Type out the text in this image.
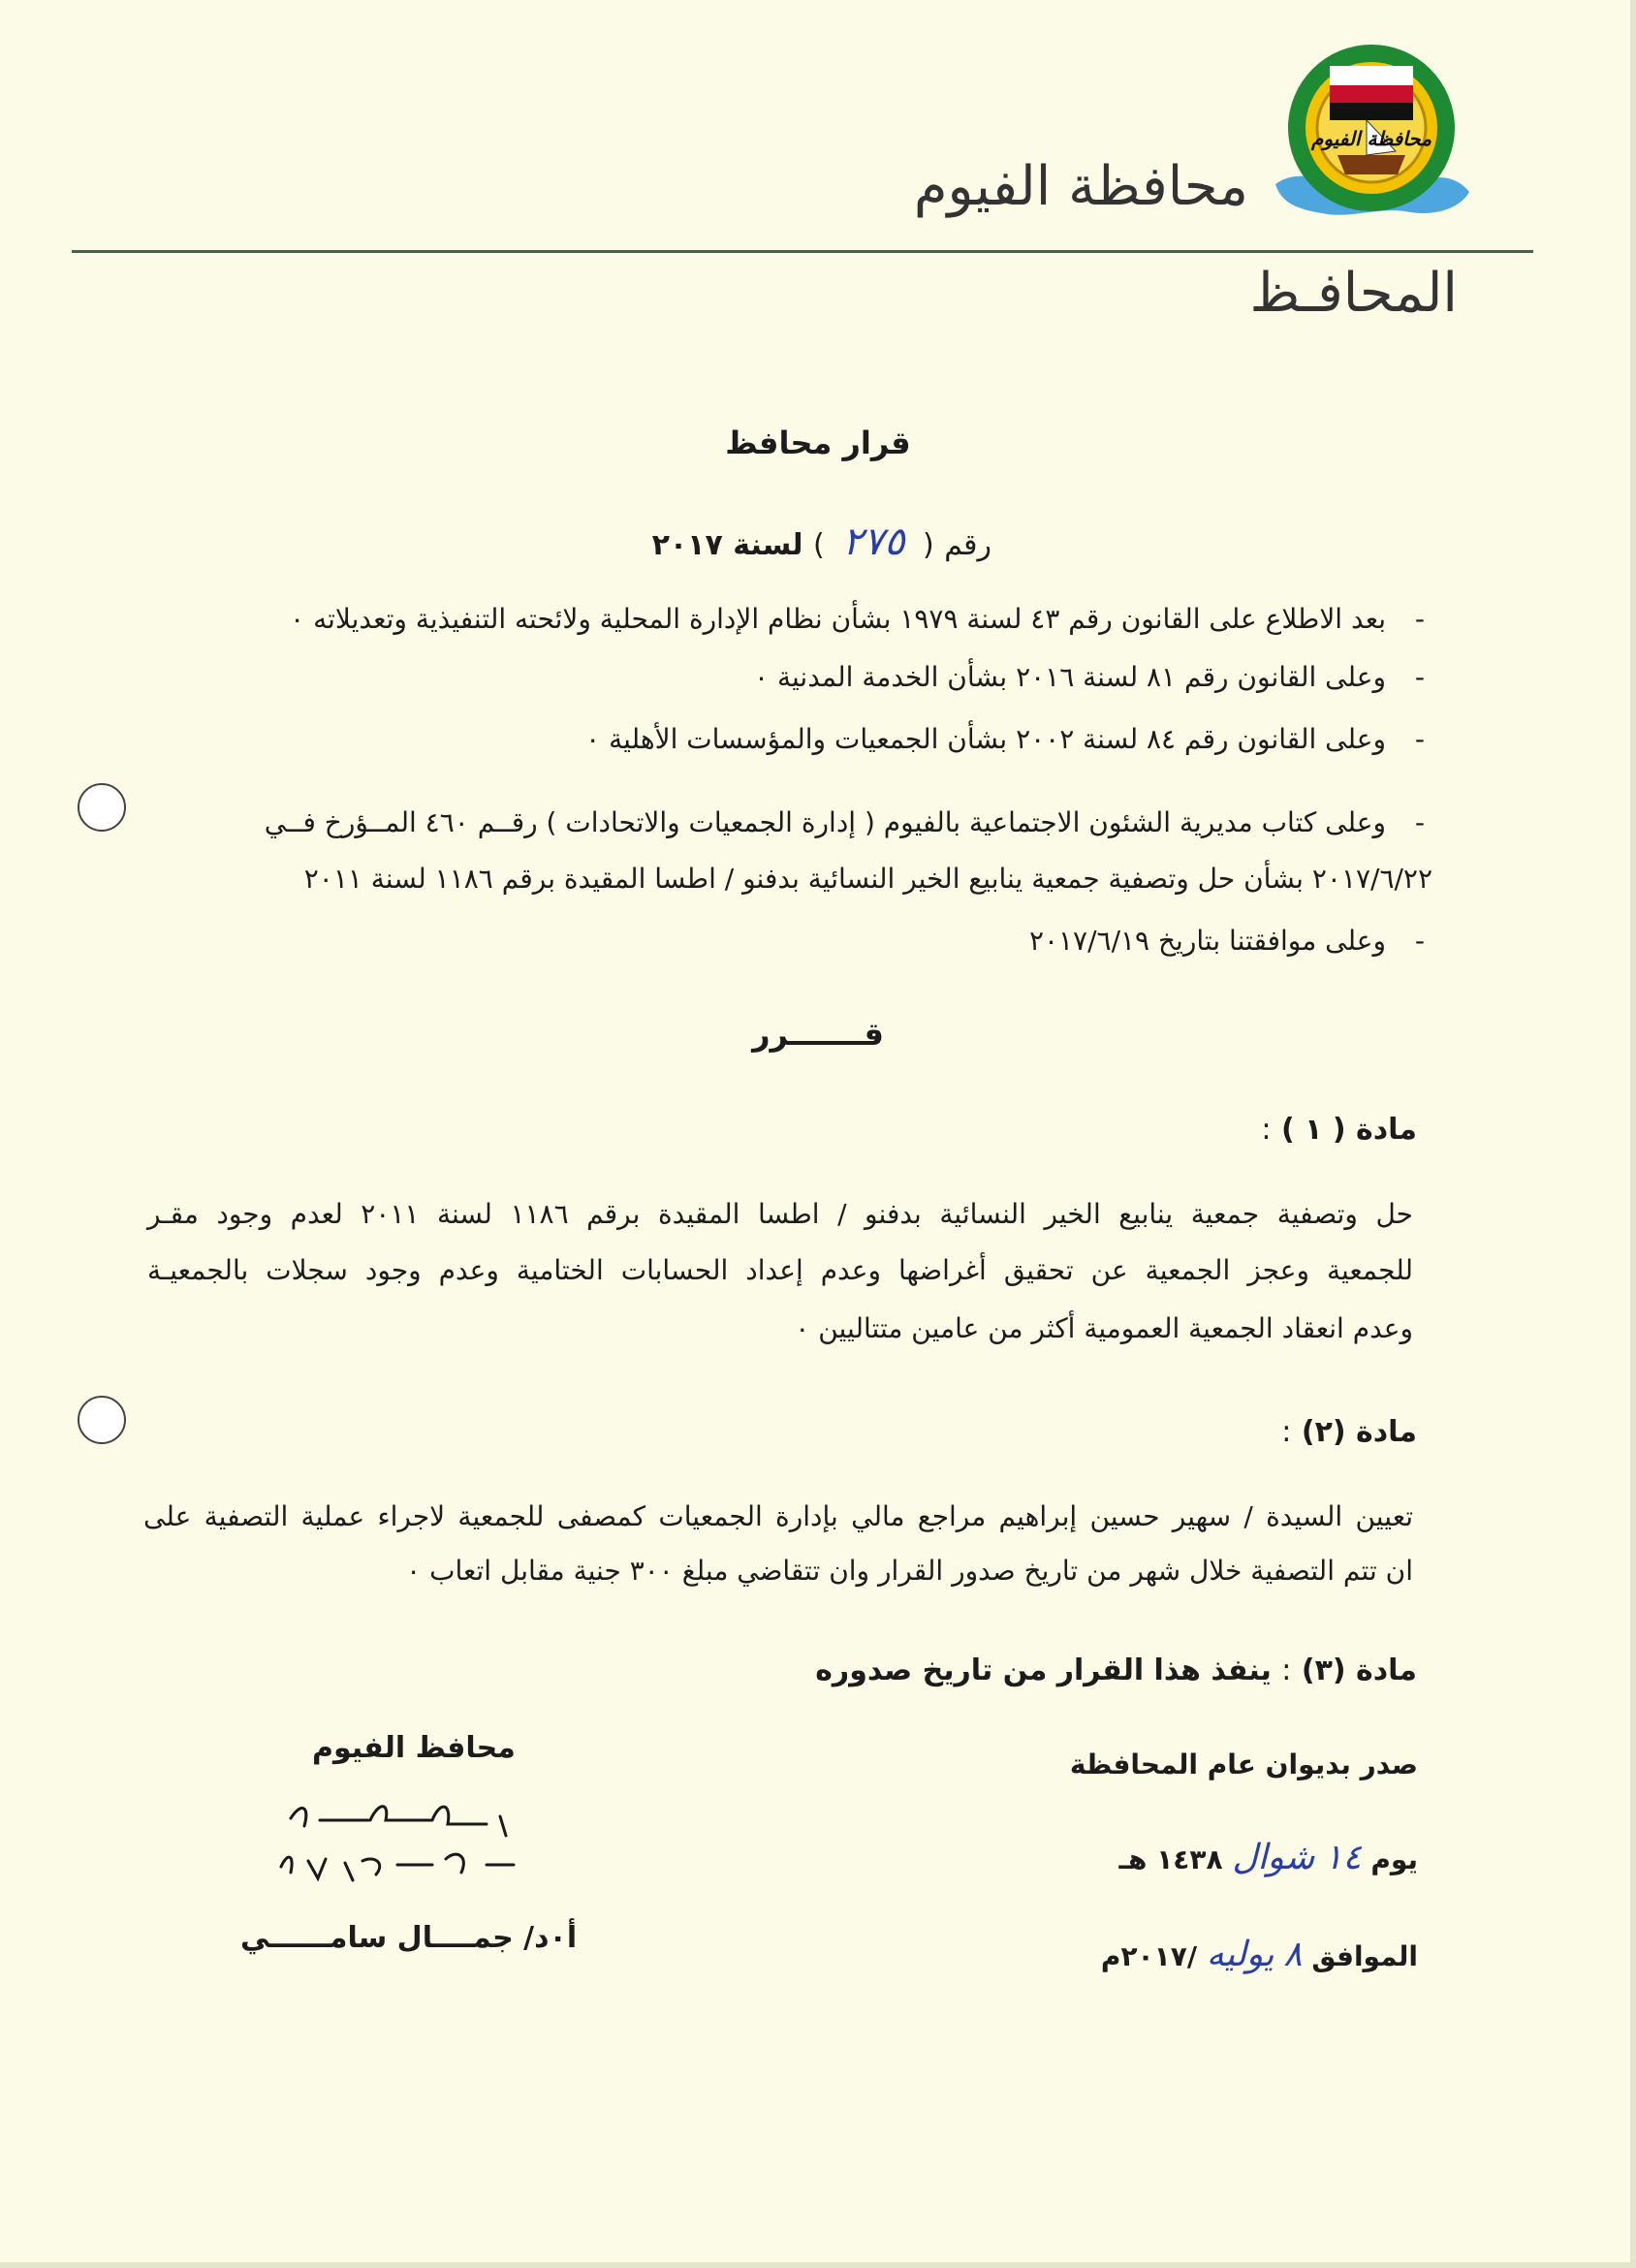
محافظة الفيوم
محافظة الفيوم
المحافـظ
قرار محافظ
رقم ( ٢٧٥ ) لسنة ٢٠١٧
-
بعد الاطلاع على القانون رقم ٤٣ لسنة ١٩٧٩ بشأن نظام الإدارة المحلية ولائحته التنفيذية وتعديلاته ٠
-
وعلى القانون رقم ٨١ لسنة ٢٠١٦ بشأن الخدمة المدنية ٠
-
وعلى القانون رقم ٨٤ لسنة ٢٠٠٢ بشأن الجمعيات والمؤسسات الأهلية ٠
-
وعلى كتاب مديرية الشئون الاجتماعية بالفيوم ( إدارة الجمعيات والاتحادات ) رقــم ٤٦٠ المــؤرخ فــي
٢٠١٧/٦/٢٢ بشأن حل وتصفية جمعية ينابيع الخير النسائية بدفنو / اطسا المقيدة برقم ١١٨٦ لسنة ٢٠١١
-
وعلى موافقتنا بتاريخ ٢٠١٧/٦/١٩
قـــــــرر
مادة ( ١ ) :
حل وتصفية جمعية ينابيع الخير النسائية بدفنو / اطسا المقيدة برقم ١١٨٦ لسنة ٢٠١١ لعدم وجود مقـر
للجمعية وعجز الجمعية عن تحقيق أغراضها وعدم إعداد الحسابات الختامية وعدم وجود سجلات بالجمعيـة
وعدم انعقاد الجمعية العمومية أكثر من عامين متتاليين ٠
مادة (٢) :
تعيين السيدة / سهير حسين إبراهيم مراجع مالي بإدارة الجمعيات كمصفى للجمعية لاجراء عملية التصفية على
ان تتم التصفية خلال شهر من تاريخ صدور القرار وان تتقاضي مبلغ ٣٠٠ جنية مقابل اتعاب ٠
مادة (٣) : ينفذ هذا القرار من تاريخ صدوره
صدر بديوان عام المحافظة
يوم ١٤ شوال ١٤٣٨ هـ
الموافق ٨ يوليه /٢٠١٧م
محافظ الفيوم
أ٠د/ جمــــال سامــــــي
